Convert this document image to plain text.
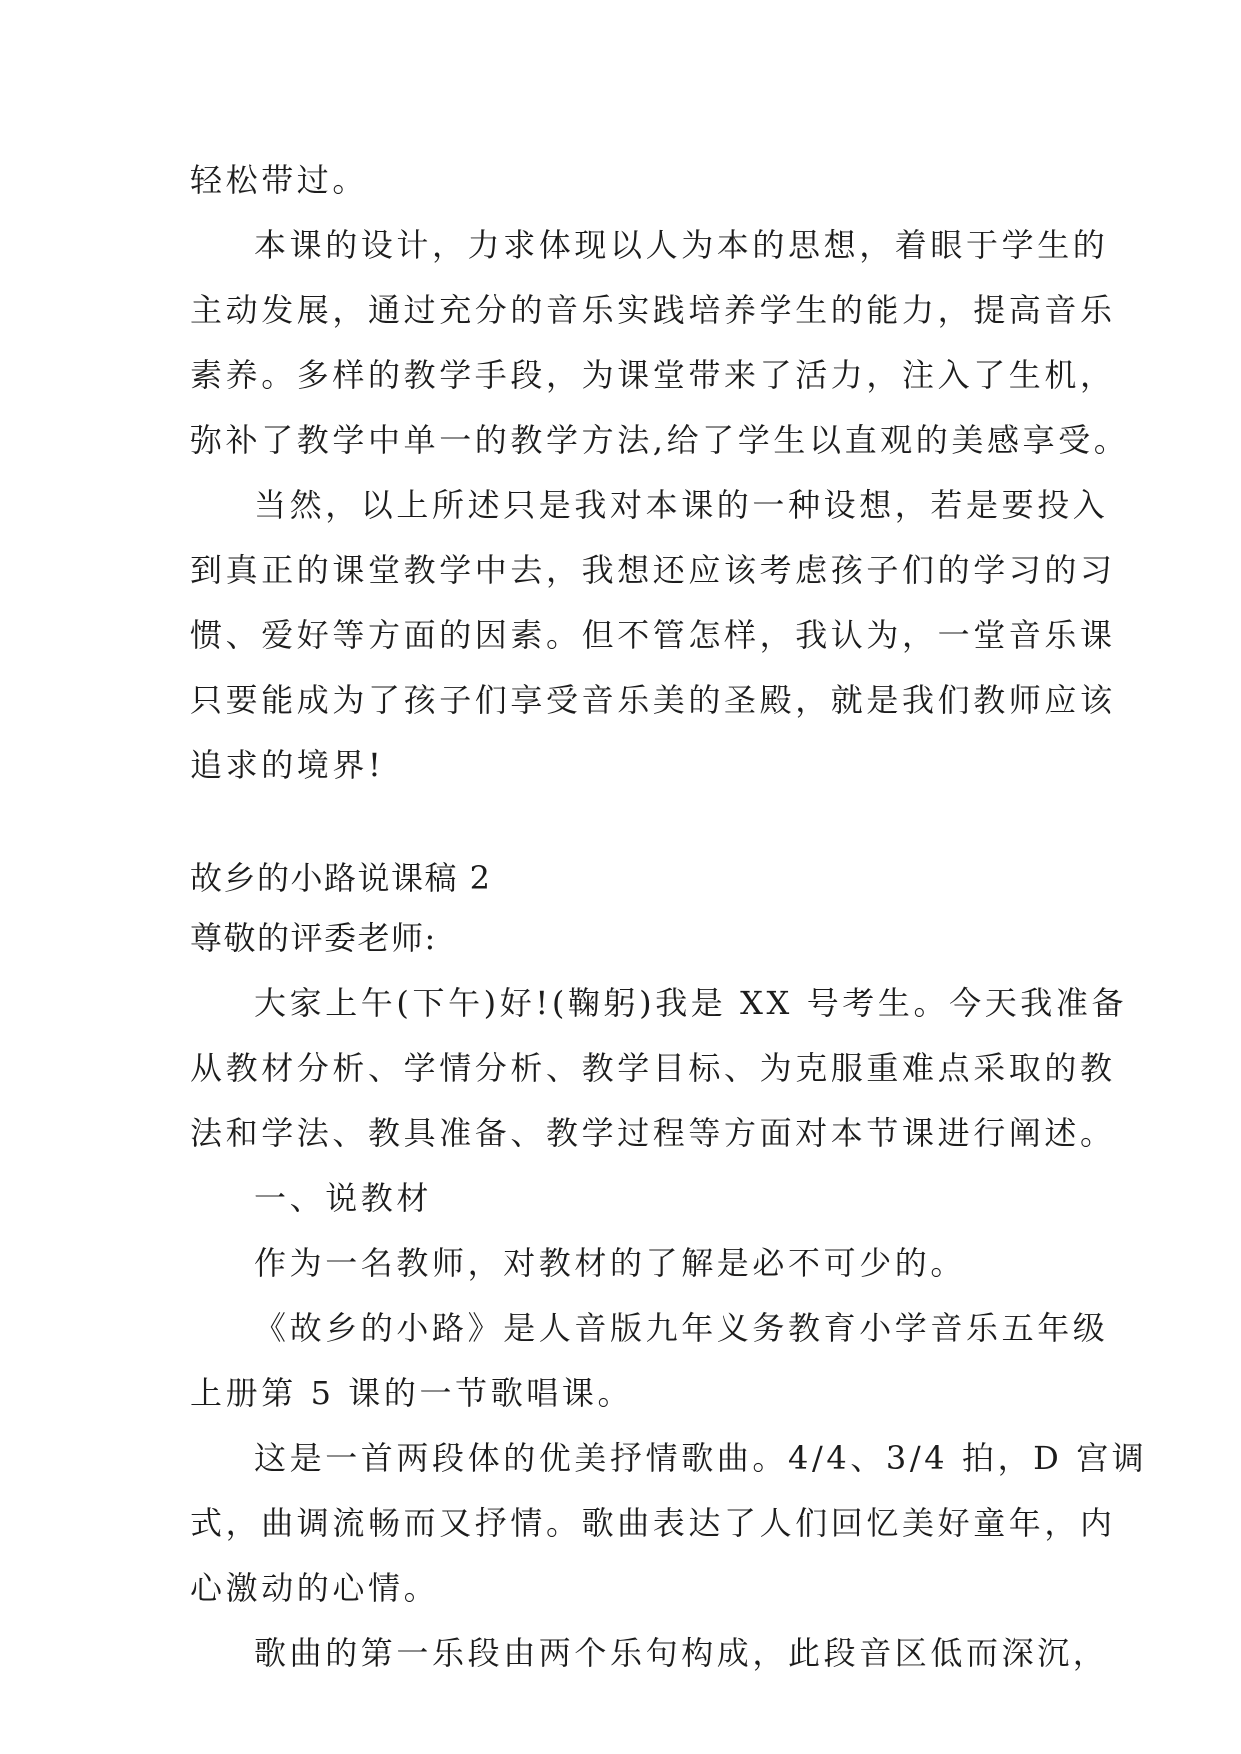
轻松带过。
本课的设计，力求体现以人为本的思想，着眼于学生的
主动发展，通过充分的音乐实践培养学生的能力，提高音乐
素养。多样的教学手段，为课堂带来了活力，注入了生机，
弥补了教学中单一的教学方法,给了学生以直观的美感享受。
当然，以上所述只是我对本课的一种设想，若是要投入
到真正的课堂教学中去，我想还应该考虑孩子们的学习的习
惯、爱好等方面的因素。但不管怎样，我认为，一堂音乐课
只要能成为了孩子们享受音乐美的圣殿，就是我们教师应该
追求的境界!
故乡的小路说课稿 2
尊敬的评委老师:
大家上午(下午)好!(鞠躬)我是 XX 号考生。今天我准备
从教材分析、学情分析、教学目标、为克服重难点采取的教
法和学法、教具准备、教学过程等方面对本节课进行阐述。
一、说教材
作为一名教师，对教材的了解是必不可少的。
《故乡的小路》是人音版九年义务教育小学音乐五年级
上册第 5 课的一节歌唱课。
这是一首两段体的优美抒情歌曲。4/4、3/4 拍，D 宫调
式，曲调流畅而又抒情。歌曲表达了人们回忆美好童年，内
心激动的心情。
歌曲的第一乐段由两个乐句构成，此段音区低而深沉，
